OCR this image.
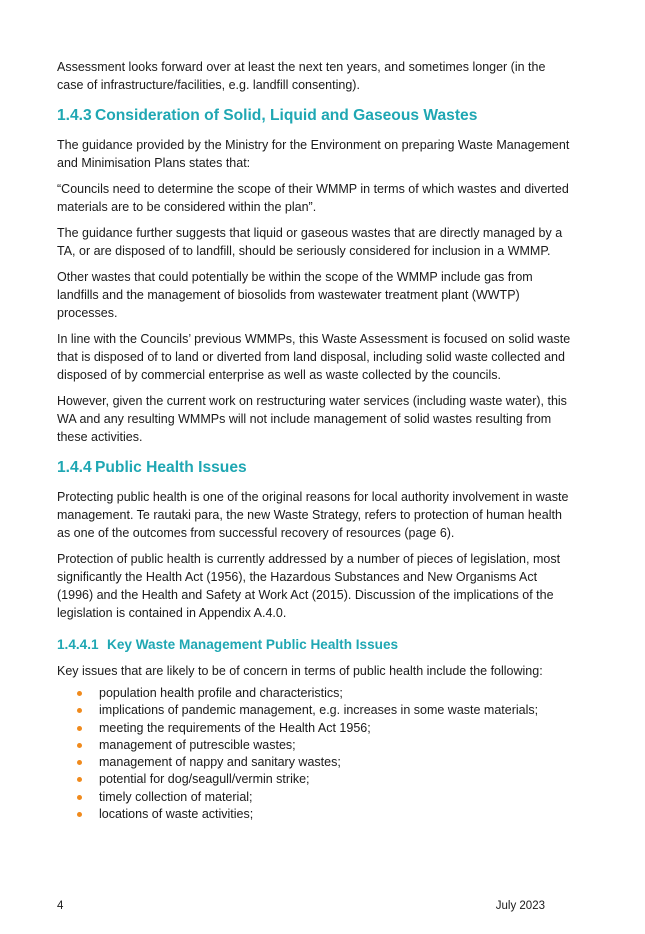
Assessment looks forward over at least the next ten years, and sometimes longer (in the case of infrastructure/facilities, e.g. landfill consenting).

1.4.3 Consideration of Solid, Liquid and Gaseous Wastes

The guidance provided by the Ministry for the Environment on preparing Waste Management and Minimisation Plans states that:

“Councils need to determine the scope of their WMMP in terms of which wastes and diverted materials are to be considered within the plan”.

The guidance further suggests that liquid or gaseous wastes that are directly managed by a TA, or are disposed of to landfill, should be seriously considered for inclusion in a WMMP.

Other wastes that could potentially be within the scope of the WMMP include gas from landfills and the management of biosolids from wastewater treatment plant (WWTP) processes.

In line with the Councils’ previous WMMPs, this Waste Assessment is focused on solid waste that is disposed of to land or diverted from land disposal, including solid waste collected and disposed of by commercial enterprise as well as waste collected by the councils.

However, given the current work on restructuring water services (including waste water), this WA and any resulting WMMPs will not include management of solid wastes resulting from these activities.

1.4.4 Public Health Issues

Protecting public health is one of the original reasons for local authority involvement in waste management. Te rautaki para, the new Waste Strategy, refers to protection of human health as one of the outcomes from successful recovery of resources (page 6).

Protection of public health is currently addressed by a number of pieces of legislation, most significantly the Health Act (1956), the Hazardous Substances and New Organisms Act (1996) and the Health and Safety at Work Act (2015). Discussion of the implications of the legislation is contained in Appendix A.4.0.

1.4.4.1 Key Waste Management Public Health Issues

Key issues that are likely to be of concern in terms of public health include the following:

population health profile and characteristics;
implications of pandemic management, e.g. increases in some waste materials;
meeting the requirements of the Health Act 1956;
management of putrescible wastes;
management of nappy and sanitary wastes;
potential for dog/seagull/vermin strike;
timely collection of material;
locations of waste activities;
4	July 2023
